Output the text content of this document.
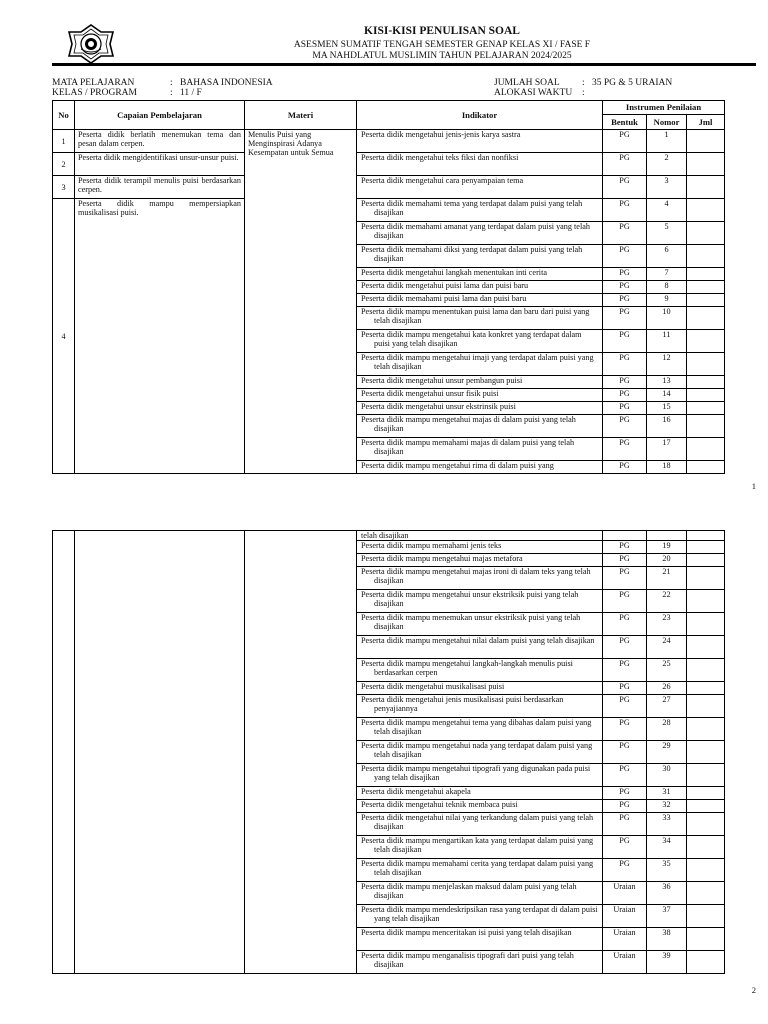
KISI-KISI PENULISAN SOAL
ASESMEN SUMATIF TENGAH SEMESTER GENAP KELAS XI / FASE F
MA NAHDLATUL MUSLIMIN TAHUN PELAJARAN 2024/2025
MATA PELAJARAN	: BAHASA INDONESIA
KELAS / PROGRAM	: 11 / F
JUMLAH SOAL	: 35 PG & 5 URAIAN
ALOKASI WAKTU	:
No	Capaian Pembelajaran	Materi	Indikator	Instrumen Penilaian		
				Bentuk	Nomor	Jml
1	Peserta didik berlatih menemukan tema dan pesan dalam cerpen.	Menulis Puisi yang Menginspirasi Adanya Kesempatan untuk Semua	Peserta didik mengetahui jenis-jenis karya sastra	PG	1	
2	Peserta didik mengidentifikasi unsur-unsur puisi.		Peserta didik mengetahui teks fiksi dan nonfiksi	PG	2	
3	Peserta didik terampil menulis puisi berdasarkan cerpen.		Peserta didik mengetahui cara penyampaian tema	PG	3	
4	Peserta didik mampu mempersiapkan musikalisasi puisi.		Peserta didik memahami tema yang terdapat dalam puisi yang telah disajikan	PG	4	

			Peserta didik memahami amanat yang terdapat dalam puisi yang telah disajikan	PG	5	

			Peserta didik memahami diksi yang terdapat dalam puisi yang telah disajikan	PG	6	

			Peserta didik mengetahui langkah menentukan inti cerita	PG	7	

			Peserta didik mengetahui puisi lama dan puisi baru	PG	8	

			Peserta didik memahami puisi lama dan puisi baru	PG	9	

			Peserta didik mampu menentukan puisi lama dan baru dari puisi yang telah disajikan	PG	10	

			Peserta didik mampu mengetahui kata konkret yang terdapat dalam puisi yang telah disajikan	PG	11	

			Peserta didik mampu mengetahui imaji yang terdapat dalam puisi yang telah disajikan	PG	12	

			Peserta didik mengetahui unsur pembangun puisi	PG	13	

			Peserta didik mengetahui unsur fisik puisi	PG	14	

			Peserta didik mengetahui unsur ekstrinsik puisi	PG	15	

			Peserta didik mampu mengetahui majas di dalam puisi yang telah disajikan	PG	16	

			Peserta didik mampu memahami majas di dalam puisi yang telah disajikan	PG	17	

			Peserta didik mampu mengetahui rima di dalam puisi yang	PG	18	
1

			telah disajikan			

			Peserta didik mampu memahami jenis teks	PG	19	

			Peserta didik mampu mengetahui majas metafora	PG	20	

			Peserta didik mampu mengetahui majas ironi di dalam teks yang telah disajikan	PG	21	

			Peserta didik mampu mengetahui unsur ekstriksik puisi yang telah disajikan	PG	22	

			Peserta didik mampu menemukan unsur ekstriksik puisi yang telah disajikan	PG	23	

			Peserta didik mampu mengetahui nilai dalam puisi yang telah disajikan	PG	24	

			Peserta didik mampu mengetahui langkah-langkah menulis puisi berdasarkan cerpen	PG	25	

			Peserta didik mengetahui musikalisasi puisi	PG	26	

			Peserta didik mengetahui jenis musikalisasi puisi berdasarkan penyajiannya	PG	27	

			Peserta didik mampu mengetahui tema yang dibahas dalam puisi yang telah disajikan	PG	28	

			Peserta didik mampu mengetahui nada yang terdapat dalam puisi yang telah disajikan	PG	29	

			Peserta didik mampu mengetahui tipografi yang digunakan pada puisi yang telah disajikan	PG	30	

			Peserta didik mengetahui akapela	PG	31	

			Peserta didik mengetahui teknik membaca puisi	PG	32	

			Peserta didik mengetahui nilai yang terkandung dalam puisi yang telah disajikan	PG	33	

			Peserta didik mampu mengartikan kata yang terdapat dalam puisi yang telah disajikan	PG	34	

			Peserta didik mampu memahami cerita yang terdapat dalam puisi yang telah disajikan	PG	35	

			Peserta didik mampu menjelaskan maksud dalam puisi yang telah disajikan	Uraian	36	

			Peserta didik mampu mendeskripsikan rasa yang terdapat di dalam puisi yang telah disajikan	Uraian	37	

			Peserta didik mampu menceritakan isi puisi yang telah disajikan	Uraian	38	

			Peserta didik mampu menganalisis tipografi dari puisi yang telah disajikan	Uraian	39	
2
